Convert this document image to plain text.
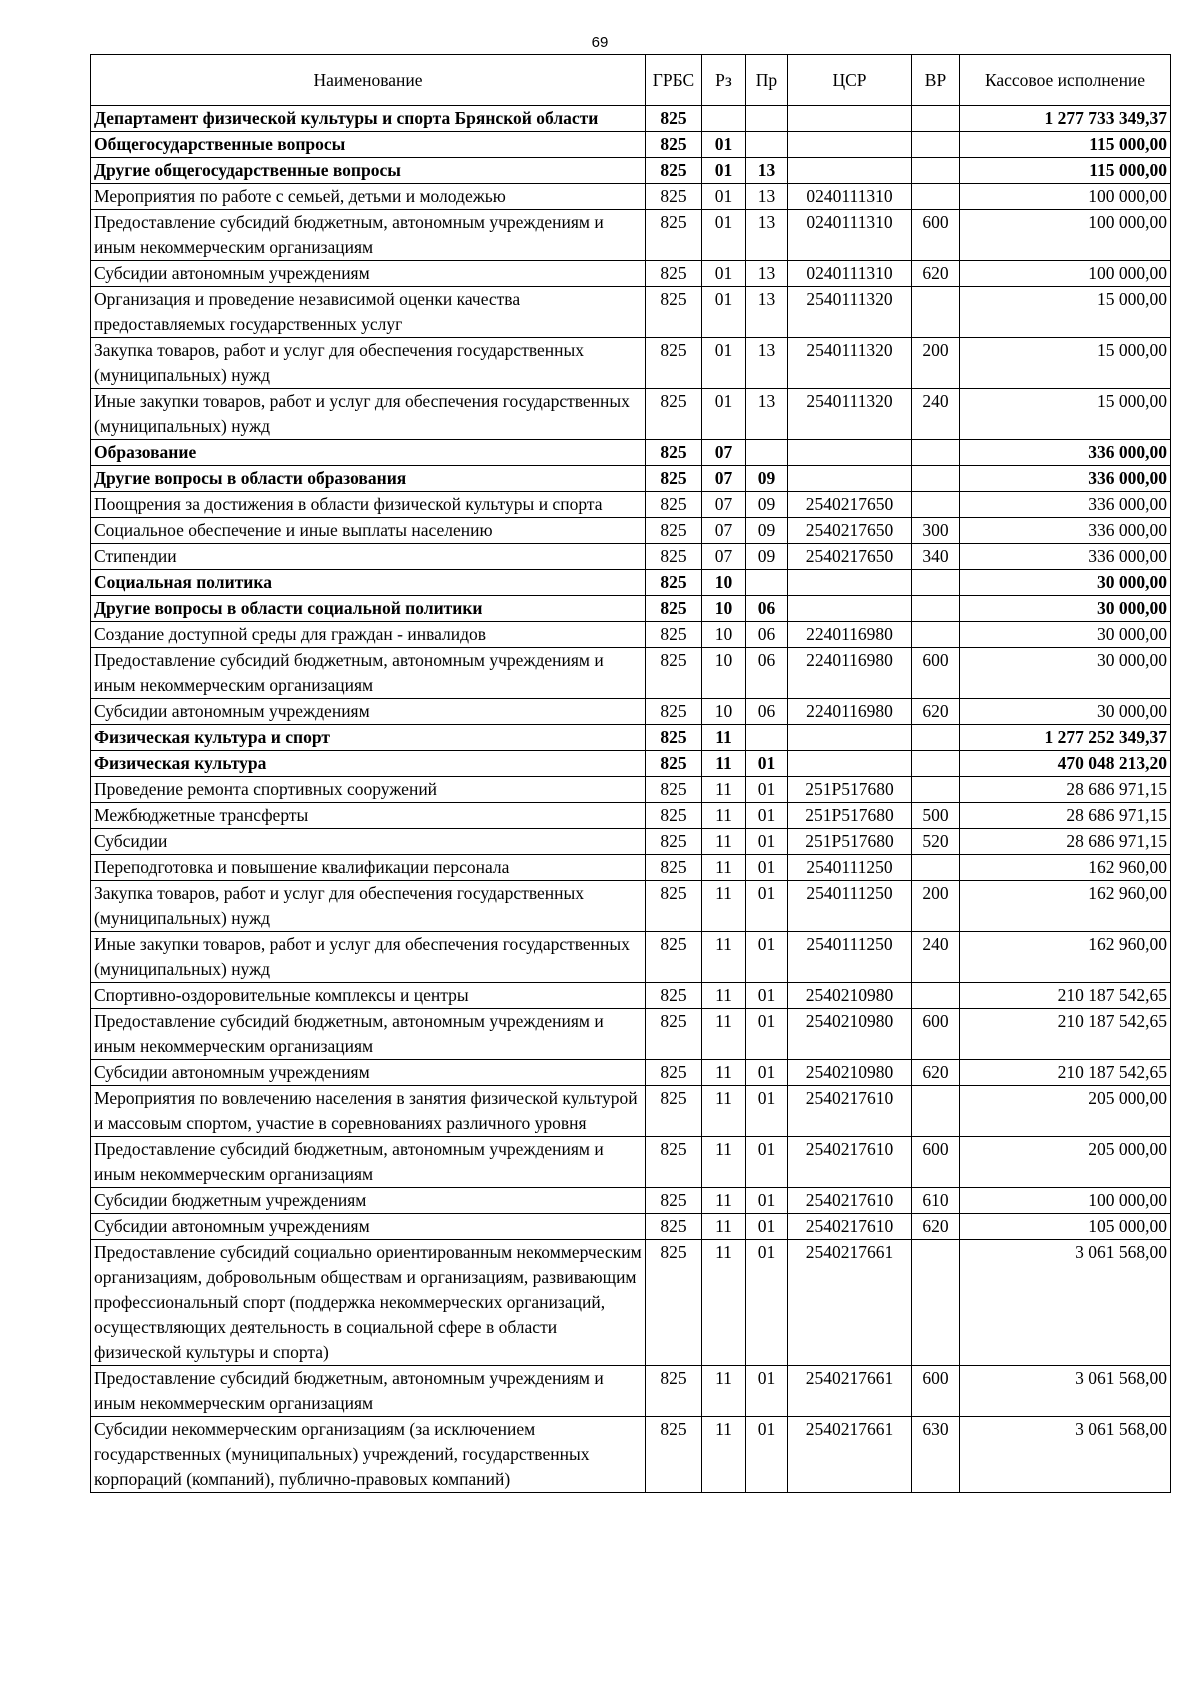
69
Наименование	ГРБС	Рз	Пр	ЦСР	ВР	Кассовое исполнение
Департамент физической культуры и спорта Брянской области	825					1 277 733 349,37
Общегосударственные вопросы	825	01				115 000,00
Другие общегосударственные вопросы	825	01	13			115 000,00
Мероприятия по работе с семьей, детьми и молодежью	825	01	13	0240111310		100 000,00
Предоставление субсидий бюджетным, автономным учреждениям и иным некоммерческим организациям	825	01	13	0240111310	600	100 000,00
Субсидии автономным учреждениям	825	01	13	0240111310	620	100 000,00
Организация и проведение независимой оценки качества предоставляемых государственных услуг	825	01	13	2540111320		15 000,00
Закупка товаров, работ и услуг для обеспечения государственных (муниципальных) нужд	825	01	13	2540111320	200	15 000,00
Иные закупки товаров, работ и услуг для обеспечения государственных (муниципальных) нужд	825	01	13	2540111320	240	15 000,00
Образование	825	07				336 000,00
Другие вопросы в области образования	825	07	09			336 000,00
Поощрения за достижения в области физической культуры и спорта	825	07	09	2540217650		336 000,00
Социальное обеспечение и иные выплаты населению	825	07	09	2540217650	300	336 000,00
Стипендии	825	07	09	2540217650	340	336 000,00
Социальная политика	825	10				30 000,00
Другие вопросы в области социальной политики	825	10	06			30 000,00
Создание доступной среды для граждан - инвалидов	825	10	06	2240116980		30 000,00
Предоставление субсидий бюджетным, автономным учреждениям и иным некоммерческим организациям	825	10	06	2240116980	600	30 000,00
Субсидии автономным учреждениям	825	10	06	2240116980	620	30 000,00
Физическая культура и спорт	825	11				1 277 252 349,37
Физическая культура	825	11	01			470 048 213,20
Проведение ремонта спортивных сооружений	825	11	01	251P517680		28 686 971,15
Межбюджетные трансферты	825	11	01	251P517680	500	28 686 971,15
Субсидии	825	11	01	251P517680	520	28 686 971,15
Переподготовка и повышение квалификации персонала	825	11	01	2540111250		162 960,00
Закупка товаров, работ и услуг для обеспечения государственных (муниципальных) нужд	825	11	01	2540111250	200	162 960,00
Иные закупки товаров, работ и услуг для обеспечения государственных (муниципальных) нужд	825	11	01	2540111250	240	162 960,00
Спортивно-оздоровительные комплексы и центры	825	11	01	2540210980		210 187 542,65
Предоставление субсидий бюджетным, автономным учреждениям и иным некоммерческим организациям	825	11	01	2540210980	600	210 187 542,65
Субсидии автономным учреждениям	825	11	01	2540210980	620	210 187 542,65
Мероприятия по вовлечению населения в занятия физической культурой и массовым спортом, участие в соревнованиях различного уровня	825	11	01	2540217610		205 000,00
Предоставление субсидий бюджетным, автономным учреждениям и иным некоммерческим организациям	825	11	01	2540217610	600	205 000,00
Субсидии бюджетным учреждениям	825	11	01	2540217610	610	100 000,00
Субсидии автономным учреждениям	825	11	01	2540217610	620	105 000,00
Предоставление субсидий социально ориентированным некоммерческим организациям, добровольным обществам и организациям, развивающим профессиональный спорт (поддержка некоммерческих организаций, осуществляющих деятельность в социальной сфере в области физической культуры и спорта)	825	11	01	2540217661		3 061 568,00
Предоставление субсидий бюджетным, автономным учреждениям и иным некоммерческим организациям	825	11	01	2540217661	600	3 061 568,00
Субсидии некоммерческим организациям (за исключением государственных (муниципальных) учреждений, государственных корпораций (компаний), публично-правовых компаний)	825	11	01	2540217661	630	3 061 568,00
